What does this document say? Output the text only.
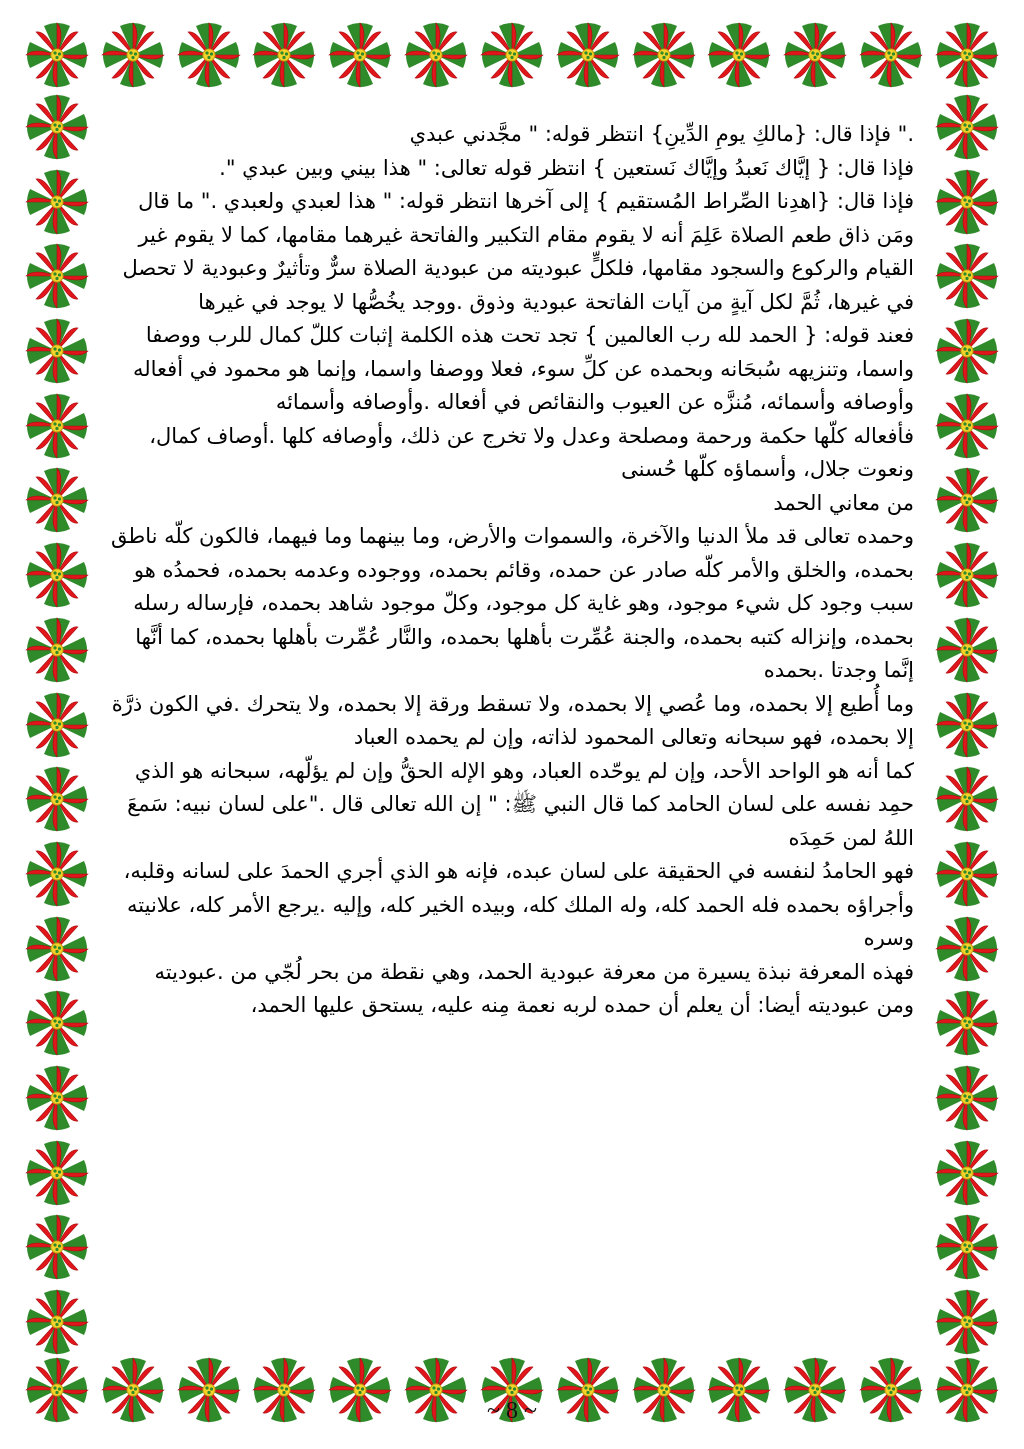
." فإذا قال: {مالكِ يومِ الدِّينِ} انتظر قوله: " مجَّدني عبدي

فإذا قال: { إيَّاك نَعبدُ وإيَّاك نَستعين } انتظر قوله تعالى: " هذا بيني وبين عبدي ".

فإذا قال: {اهدِنا الصِّراط المُستقيم } إلى آخرها انتظر قوله: " هذا لعبدي ولعبدي ." ما قال

ومَن ذاق طعم الصلاة عَلِمَ أنه لا يقوم مقام التكبير والفاتحة غيرهما مقامها، كما لا يقوم غير القيام والركوع والسجود مقامها، فلكلٍّ عبوديته من عبودية الصلاة سرٌّ وتأثيرٌ وعبودية لا تحصل في غيرها، ثُمَّ لكل آيةٍ من آيات الفاتحة عبودية وذوق .ووجد يخُصُّها لا يوجد في غيرها

فعند قوله: { الحمد لله رب العالمين } تجد تحت هذه الكلمة إثبات كللّ كمال للرب ووصفا واسما، وتنزيهه سُبحَانه وبحمده عن كلِّ سوء، فعلا ووصفا واسما، وإنما هو محمود في أفعاله وأوصافه وأسمائه، مُنزَّه عن العيوب والنقائص في أفعاله .وأوصافه وأسمائه

فأفعاله كلّها حكمة ورحمة ومصلحة وعدل ولا تخرج عن ذلك، وأوصافه كلها .أوصاف كمال، ونعوت جلال، وأسماؤه كلّها حُسنى

من معاني الحمد

وحمده تعالى قد ملأ الدنيا والآخرة، والسموات والأرض، وما بينهما وما فيهما، فالكون كلّه ناطق بحمده، والخلق والأمر كلّه صادر عن حمده، وقائم بحمده، ووجوده وعدمه بحمده، فحمدُه هو سبب وجود كل شيء موجود، وهو غاية كل موجود، وكلّ موجود شاهد بحمده، فإرساله رسله بحمده، وإنزاله كتبه بحمده، والجنة عُمِّرت بأهلها بحمده، والنَّار عُمِّرت بأهلها بحمده، كما أنَّها إنَّما وجدتا .بحمده

وما أُطيع إلا بحمده، وما عُصي إلا بحمده، ولا تسقط ورقة إلا بحمده، ولا يتحرك .في الكون ذرَّة إلا بحمده، فهو سبحانه وتعالى المحمود لذاته، وإن لم يحمده العباد

كما أنه هو الواحد الأحد، وإن لم يوحّده العباد، وهو الإله الحقُّ وإن لم يؤلّهه، سبحانه هو الذي حمِد نفسه على لسان الحامد كما قال النبي ﷺ: " إن الله تعالى قال ."على لسان نبيه: سَمعَ اللهُ لمن حَمِدَه

فهو الحامدُ لنفسه في الحقيقة على لسان عبده، فإنه هو الذي أجري الحمدَ على لسانه وقلبه، وأجراؤه بحمده فله الحمد كله، وله الملك كله، وبيده الخير كله، وإليه .يرجع الأمر كله، علانيته وسره

فهذه المعرفة نبذة يسيرة من معرفة عبودية الحمد، وهي نقطة من بحر لُجّي من .عبوديته

ومن عبوديته أيضا: أن يعلم أن حمده لربه نعمة مِنه عليه، يستحق عليها الحمد،

~ 8 ~
